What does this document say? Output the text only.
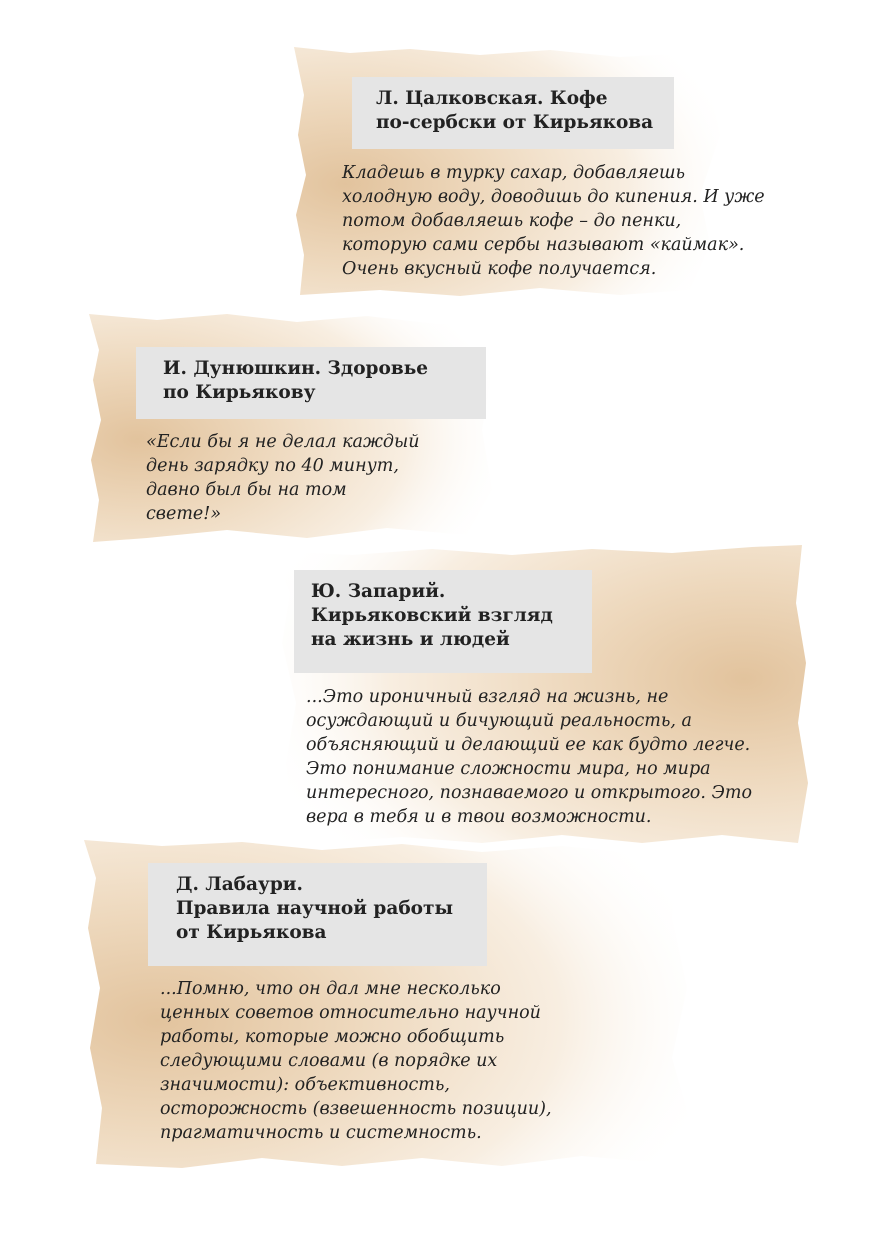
Л. Цалковская. Кофе
по-сербски от Кирьякова
Кладешь в турку сахар, добавляешь
холодную воду, доводишь до кипения. И уже
потом добавляешь кофе – до пенки,
которую сами сербы называют «каймак».
Очень вкусный кофе получается.
И. Дунюшкин. Здоровье
по Кирьякову
«Если бы я не делал каждый
день зарядку по 40 минут,
давно был бы на том
свете!»
Ю. Запарий.
Кирьяковский взгляд
на жизнь и людей
...Это ироничный взгляд на жизнь, не
осуждающий и бичующий реальность, а
объясняющий и делающий ее как будто легче.
Это понимание сложности мира, но мира
интересного, познаваемого и открытого. Это
вера в тебя и в твои возможности.
Д. Лабаури.
Правила научной работы
от Кирьякова
...Помню, что он дал мне несколько
ценных советов относительно научной
работы, которые можно обобщить
следующими словами (в порядке их
значимости): объективность,
осторожность (взвешенность позиции),
прагматичность и системность.
